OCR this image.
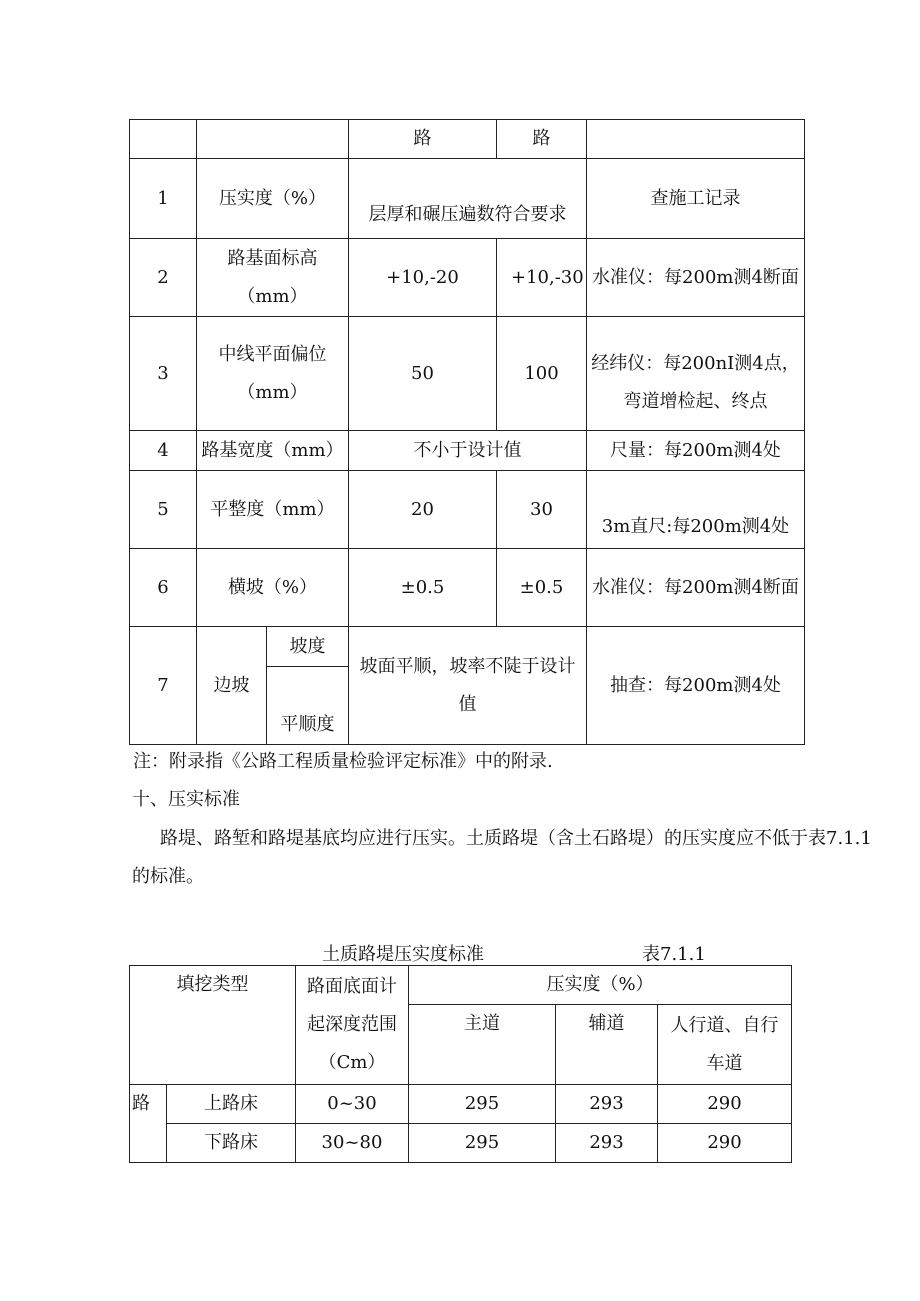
			路	路	
1	压实度（%）		层厚和碾压遍数符合要求		查施工记录
2	路基面标高（mm）		+10,-20	+10,-30	水准仪：每200m测4断面
3	中线平面偏位（mm）		50	100	经纬仪：每200nI测4点，弯道增检起、终点
4	路基宽度（mm）		不小于设计值		尺量：每200m测4处
5	平整度（mm）		20	30	3m直尺:每200m测4处
6	横坡（%）		±0.5	±0.5	水准仪：每200m测4断面
7	边坡	坡度	坡面平顺，坡率不陡于设计值		抽查：每200m测4处
		平顺度			
注：附录指《公路工程质量检验评定标准》中的附录.
十、压实标准
路堤、路堑和路堤基底均应进行压实。土质路堤（含土石路堤）的压实度应不低于表7.1.1的标准。
土质路堤压实度标准	表7.1.1
填挖类型		路面底面计起深度范围（Cm）	压实度（%）		
			主道	辅道	人行道、自行车道
路	上路床	0~30	295	293	290
	下路床	30~80	295	293	290
